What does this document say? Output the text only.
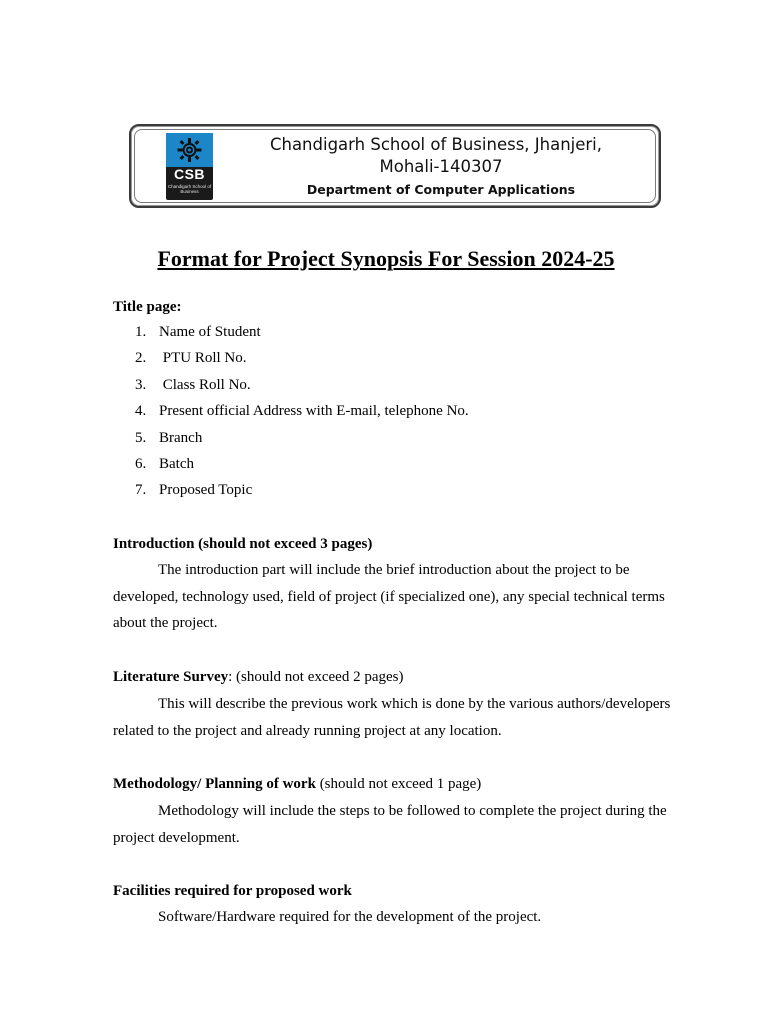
CSB
Chandigarh School of Business
Chandigarh School of Business, Jhanjeri,
Mohali-140307
Department of Computer Applications
Format for Project Synopsis For Session 2024-25
Title page:
1. Name of Student
2. PTU Roll No.
3. Class Roll No.
4. Present official Address with E-mail, telephone No.
5. Branch
6. Batch
7. Proposed Topic
Introduction (should not exceed 3 pages)
The introduction part will include the brief introduction about the project to be developed, technology used, field of project (if specialized one), any special technical terms about the project.
Literature Survey: (should not exceed 2 pages)
This will describe the previous work which is done by the various authors/developers related to the project and already running project at any location.
Methodology/ Planning of work (should not exceed 1 page)
Methodology will include the steps to be followed to complete the project during the project development.
Facilities required for proposed work
Software/Hardware required for the development of the project.
